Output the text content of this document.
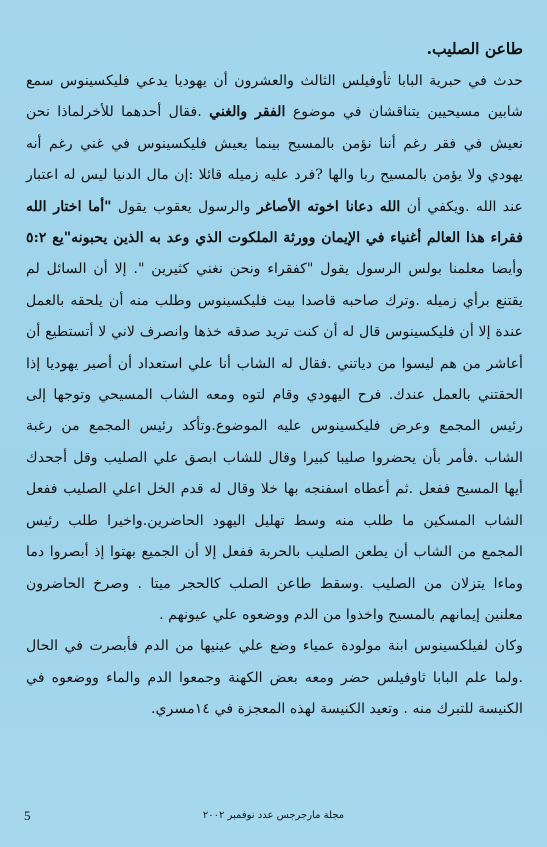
طاعن الصليب.

حدث في حبرية البابا ثأوفيلس الثالث والعشرون أن يهوديا يدعي فليكسينوس سمع شابين مسيحيين يتناقشان في موضوع الفقر والغني .فقال أحدهما للأخرلماذا نحن نعيش في فقر رغم أننا نؤمن بالمسيح بينما يعيش فليكسينوس في غني رغم أنه يهودي ولا يؤمن بالمسيح ربا والها ?فرد عليه زميله قائلا :إن مال الدنيا ليس له اعتبار عند الله .ويكفي أن الله دعانا اخوته الأصاغر والرسول يعقوب يقول "أما اختار الله فقراء هذا العالم أغنياء في الإيمان وورثة الملكوت الذي وعد به الذين يحبونه"يع ٥:٢ وأيضا معلمنا بولس الرسول يقول "كفقراء ونحن نغني كثيرين ". إلا أن السائل لم يقتنع برأي زميله .وترك صاحبه قاصدا بيت فليكسينوس وطلب منه أن يلحقه بالعمل عندة إلا أن فليكسينوس قال له أن كنت تريد صدقه خذها وانصرف لاني لا أتستطيع أن أعاشر من هم ليسوا من دياتني .فقال له الشاب أنا علي استعداد أن أصير يهوديا إذا الحقتني بالعمل عندك. فرح اليهودي وقام لتوه ومعه الشاب المسيحي وتوجها إلى رئيس المجمع وعرض فليكسينوس عليه الموضوع.وتأكد رئيس المجمع من رغبة الشاب .فأمر بأن يحضروا صليبا كبيرا وقال للشاب ابصق علي الصليب وقل أجحدك أيها المسيح ففعل .ثم أعطاه اسفنجه بها خلا وقال له قدم الخل اعلي الصليب ففعل الشاب المسكين ما طلب منه وسط تهليل اليهود الحاضرين.واخيرا طلب رئيس المجمع من الشاب أن يطعن الصليب بالحربة ففعل إلا أن الجميع بهتوا إذ أبصروا دما وماءا يتزلان من الصليب .وسقط طاعن الصلب كالحجر ميتا . وصرخ الحاضرون معلنين إيمانهم بالمسيح واخذوا من الدم ووضعوه علي عيونهم .

وكان لفيلكسينوس ابنة مولودة عمياء وضع علي عينيها من الدم فأبصرت في الحال .ولما علم البابا ثاوفيلس حضر ومعه بعض الكهنة وجمعوا الدم والماء ووضعوه في الكنيسة للتبرك منه . وتعيد الكنيسة لهذه المعجزة في ١٤مسري.

5	مجلة مارجرجس عدد نوفمبر ٢٠٠٢
